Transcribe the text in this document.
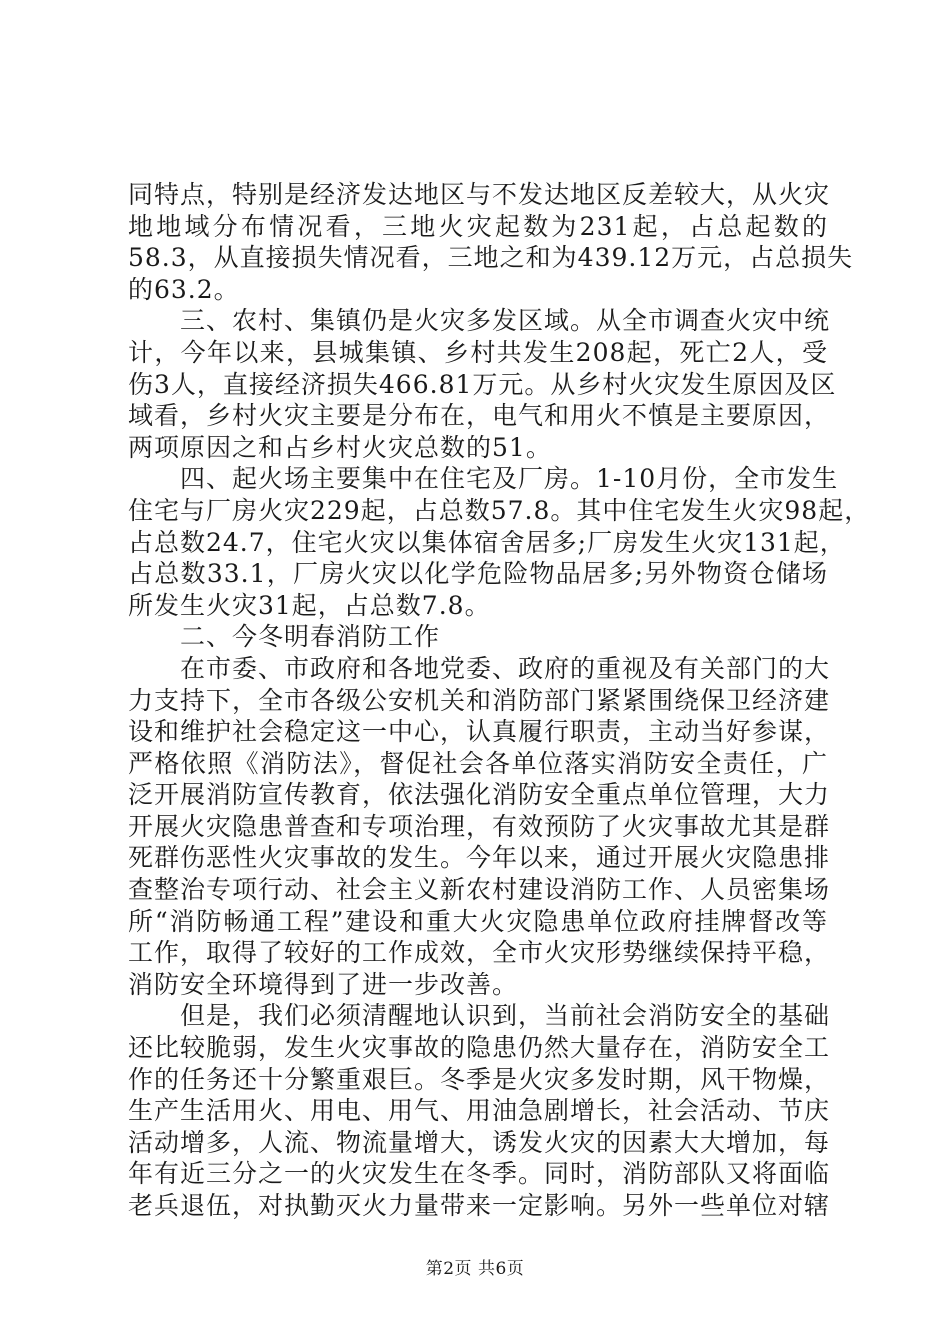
同特点，特别是经济发达地区与不发达地区反差较大，从火灾
地地域分布情况看，三地火灾起数为231起，占总起数的
58.3，从直接损失情况看，三地之和为439.12万元，占总损失
的63.2。
　　三、农村、集镇仍是火灾多发区域。从全市调查火灾中统
计，今年以来，县城集镇、乡村共发生208起，死亡2人，受
伤3人，直接经济损失466.81万元。从乡村火灾发生原因及区
域看，乡村火灾主要是分布在，电气和用火不慎是主要原因，
两项原因之和占乡村火灾总数的51。
　　四、起火场主要集中在住宅及厂房。1-10月份，全市发生
住宅与厂房火灾229起，占总数57.8。其中住宅发生火灾98起，
占总数24.7，住宅火灾以集体宿舍居多;厂房发生火灾131起，
占总数33.1，厂房火灾以化学危险物品居多;另外物资仓储场
所发生火灾31起，占总数7.8。
　　二、今冬明春消防工作
　　在市委、市政府和各地党委、政府的重视及有关部门的大
力支持下，全市各级公安机关和消防部门紧紧围绕保卫经济建
设和维护社会稳定这一中心，认真履行职责，主动当好参谋，
严格依照《消防法》，督促社会各单位落实消防安全责任，广
泛开展消防宣传教育，依法强化消防安全重点单位管理，大力
开展火灾隐患普查和专项治理，有效预防了火灾事故尤其是群
死群伤恶性火灾事故的发生。今年以来，通过开展火灾隐患排
查整治专项行动、社会主义新农村建设消防工作、人员密集场
所“消防畅通工程”建设和重大火灾隐患单位政府挂牌督改等
工作，取得了较好的工作成效，全市火灾形势继续保持平稳，
消防安全环境得到了进一步改善。
　　但是，我们必须清醒地认识到，当前社会消防安全的基础
还比较脆弱，发生火灾事故的隐患仍然大量存在，消防安全工
作的任务还十分繁重艰巨。冬季是火灾多发时期，风干物燥，
生产生活用火、用电、用气、用油急剧增长，社会活动、节庆
活动增多，人流、物流量增大，诱发火灾的因素大大增加，每
年有近三分之一的火灾发生在冬季。同时，消防部队又将面临
老兵退伍，对执勤灭火力量带来一定影响。另外一些单位对辖
第2页 共6页
